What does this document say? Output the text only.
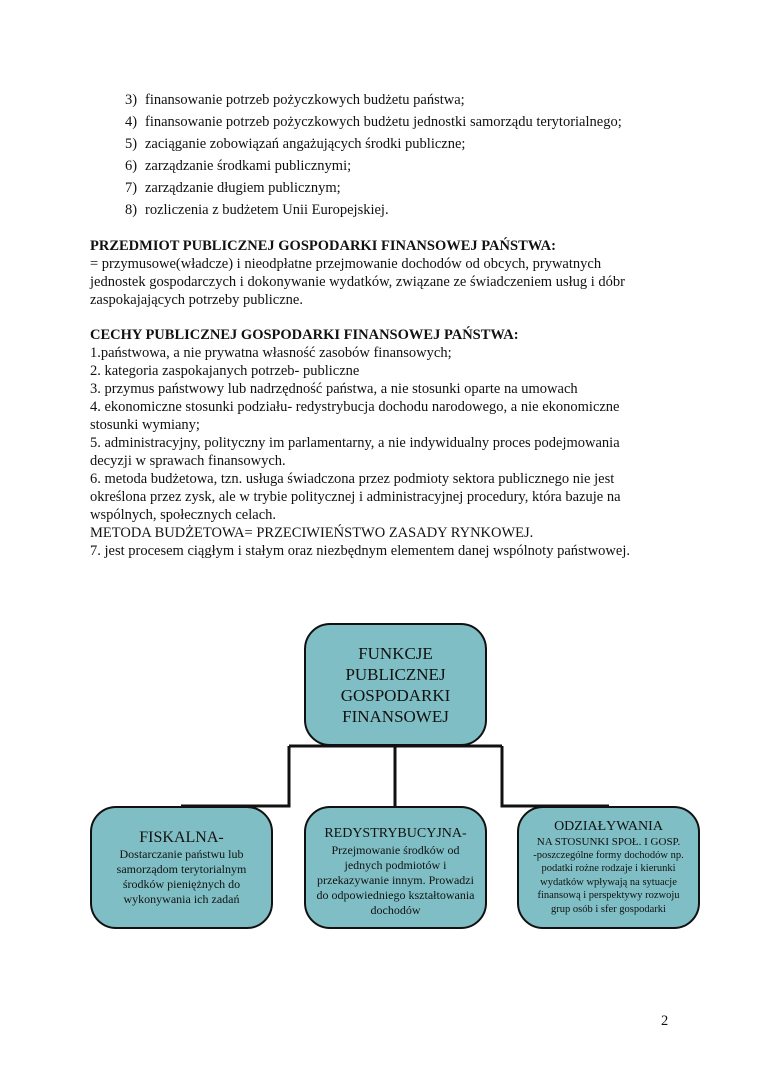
3) finansowanie potrzeb pożyczkowych budżetu państwa;
4) finansowanie potrzeb pożyczkowych budżetu jednostki samorządu terytorialnego;
5) zaciąganie zobowiązań angażujących środki publiczne;
6) zarządzanie środkami publicznymi;
7) zarządzanie długiem publicznym;
8) rozliczenia z budżetem Unii Europejskiej.
PRZEDMIOT PUBLICZNEJ GOSPODARKI FINANSOWEJ PAŃSTWA:
= przymusowe(władcze) i nieodpłatne przejmowanie dochodów od obcych, prywatnych
jednostek gospodarczych i dokonywanie wydatków, związane ze świadczeniem usług i dóbr
zaspokajających potrzeby publiczne.
CECHY PUBLICZNEJ GOSPODARKI FINANSOWEJ PAŃSTWA:
1.państwowa, a nie prywatna własność zasobów finansowych;
2. kategoria zaspokajanych potrzeb- publiczne
3. przymus państwowy lub nadrzędność państwa, a nie stosunki oparte na umowach
4. ekonomiczne stosunki podziału- redystrybucja dochodu narodowego, a nie ekonomiczne
stosunki wymiany;
5. administracyjny, polityczny im parlamentarny, a nie indywidualny proces podejmowania
decyzji w sprawach finansowych.
6. metoda budżetowa, tzn. usługa świadczona przez podmioty sektora publicznego nie jest
określona przez zysk, ale w trybie politycznej i administracyjnej procedury, która bazuje na
wspólnych, społecznych celach.
METODA BUDŻETOWA= PRZECIWIEŃSTWO ZASADY RYNKOWEJ.
7. jest procesem ciągłym i stałym oraz niezbędnym elementem danej wspólnoty państwowej.
FUNKCJE
PUBLICZNEJ
GOSPODARKI
FINANSOWEJ
FISKALNA-
Dostarczanie państwu lub
samorządom terytorialnym
środków pieniężnych do
wykonywania ich zadań
REDYSTRYBUCYJNA-
Przejmowanie środków od
jednych podmiotów i
przekazywanie innym. Prowadzi
do odpowiedniego kształtowania
dochodów
ODZIAŁYWANIA
NA STOSUNKI SPOŁ. I GOSP.
-poszczególne formy dochodów np.
podatki rożne rodzaje i kierunki
wydatków wpływają na sytuacje
finansową i perspektywy rozwoju
grup osób i sfer gospodarki
2
